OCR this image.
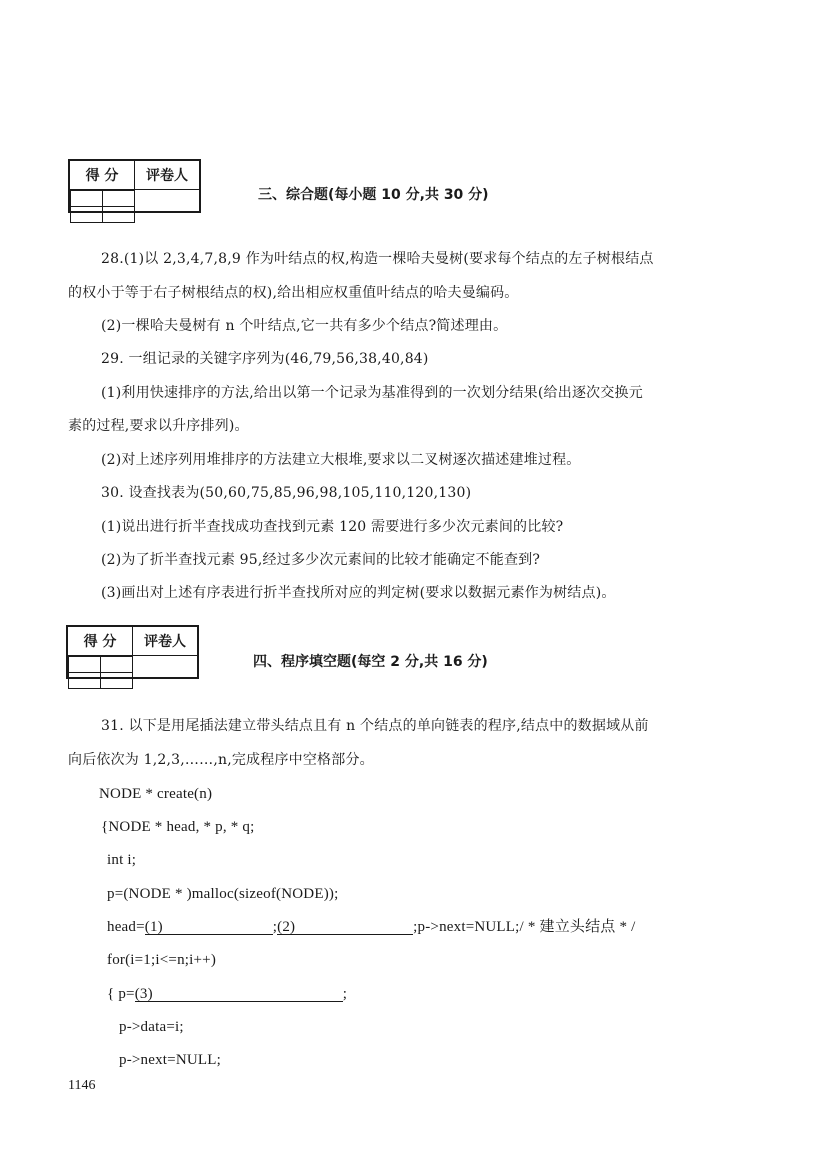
得 分	评卷人

三、综合题(每小题 10 分,共 30 分)
28.(1)以 2,3,4,7,8,9 作为叶结点的权,构造一棵哈夫曼树(要求每个结点的左子树根结点
的权小于等于右子树根结点的权),给出相应权重值叶结点的哈夫曼编码。
(2)一棵哈夫曼树有 n 个叶结点,它一共有多少个结点?简述理由。
29. 一组记录的关键字序列为(46,79,56,38,40,84)
(1)利用快速排序的方法,给出以第一个记录为基准得到的一次划分结果(给出逐次交换元
素的过程,要求以升序排列)。
(2)对上述序列用堆排序的方法建立大根堆,要求以二叉树逐次描述建堆过程。
30. 设查找表为(50,60,75,85,96,98,105,110,120,130)
(1)说出进行折半查找成功查找到元素 120 需要进行多少次元素间的比较?
(2)为了折半查找元素 95,经过多少次元素间的比较才能确定不能查到?
(3)画出对上述有序表进行折半查找所对应的判定树(要求以数据元素作为树结点)。
得 分	评卷人

四、程序填空题(每空 2 分,共 16 分)
31. 以下是用尾插法建立带头结点且有 n 个结点的单向链表的程序,结点中的数据域从前
向后依次为 1,2,3,……,n,完成程序中空格部分。
NODE * create(n)
{NODE * head, * p, * q;
int i;
p=(NODE * )malloc(sizeof(NODE));
head=(1)	;(2)	;p->next=NULL;/ * 建立头结点 * /
for(i=1;i<=n;i++)
{ p=(3)	;
p->data=i;
p->next=NULL;
1146
